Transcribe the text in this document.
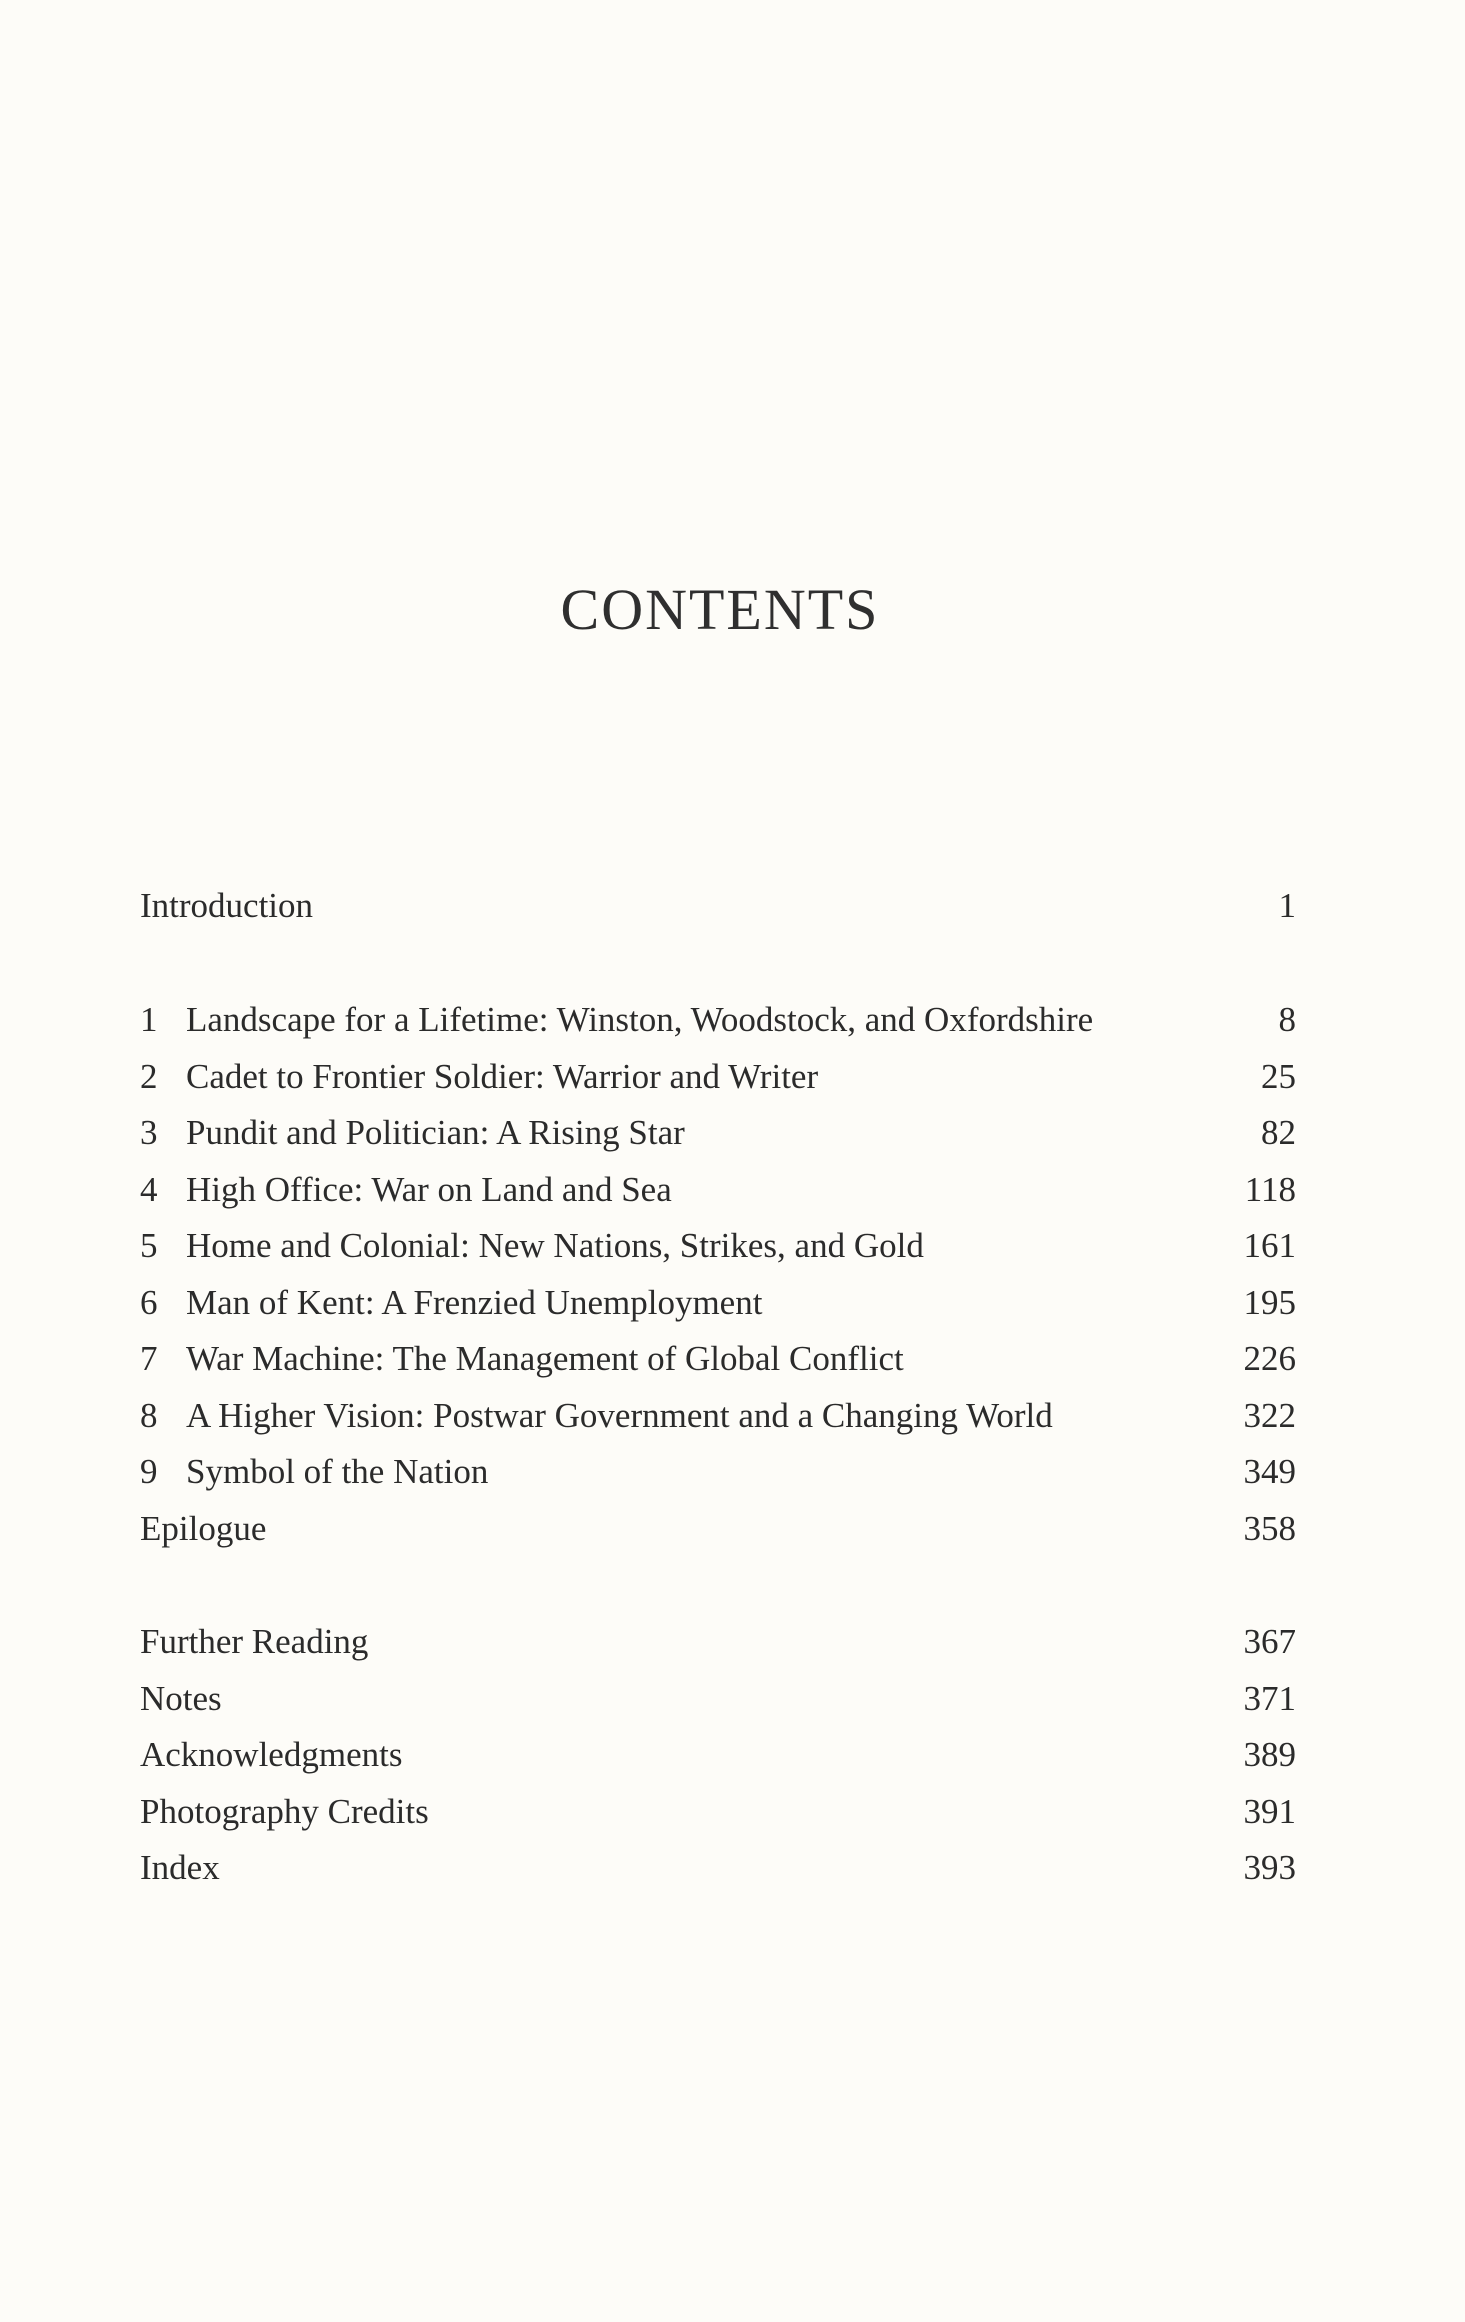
CONTENTS
Introduction	1
1 Landscape for a Lifetime: Winston, Woodstock, and Oxfordshire	8
2 Cadet to Frontier Soldier: Warrior and Writer	25
3 Pundit and Politician: A Rising Star	82
4 High Office: War on Land and Sea	118
5 Home and Colonial: New Nations, Strikes, and Gold	161
6 Man of Kent: A Frenzied Unemployment	195
7 War Machine: The Management of Global Conflict	226
8 A Higher Vision: Postwar Government and a Changing World	322
9 Symbol of the Nation	349
Epilogue	358
Further Reading	367
Notes	371
Acknowledgments	389
Photography Credits	391
Index	393
